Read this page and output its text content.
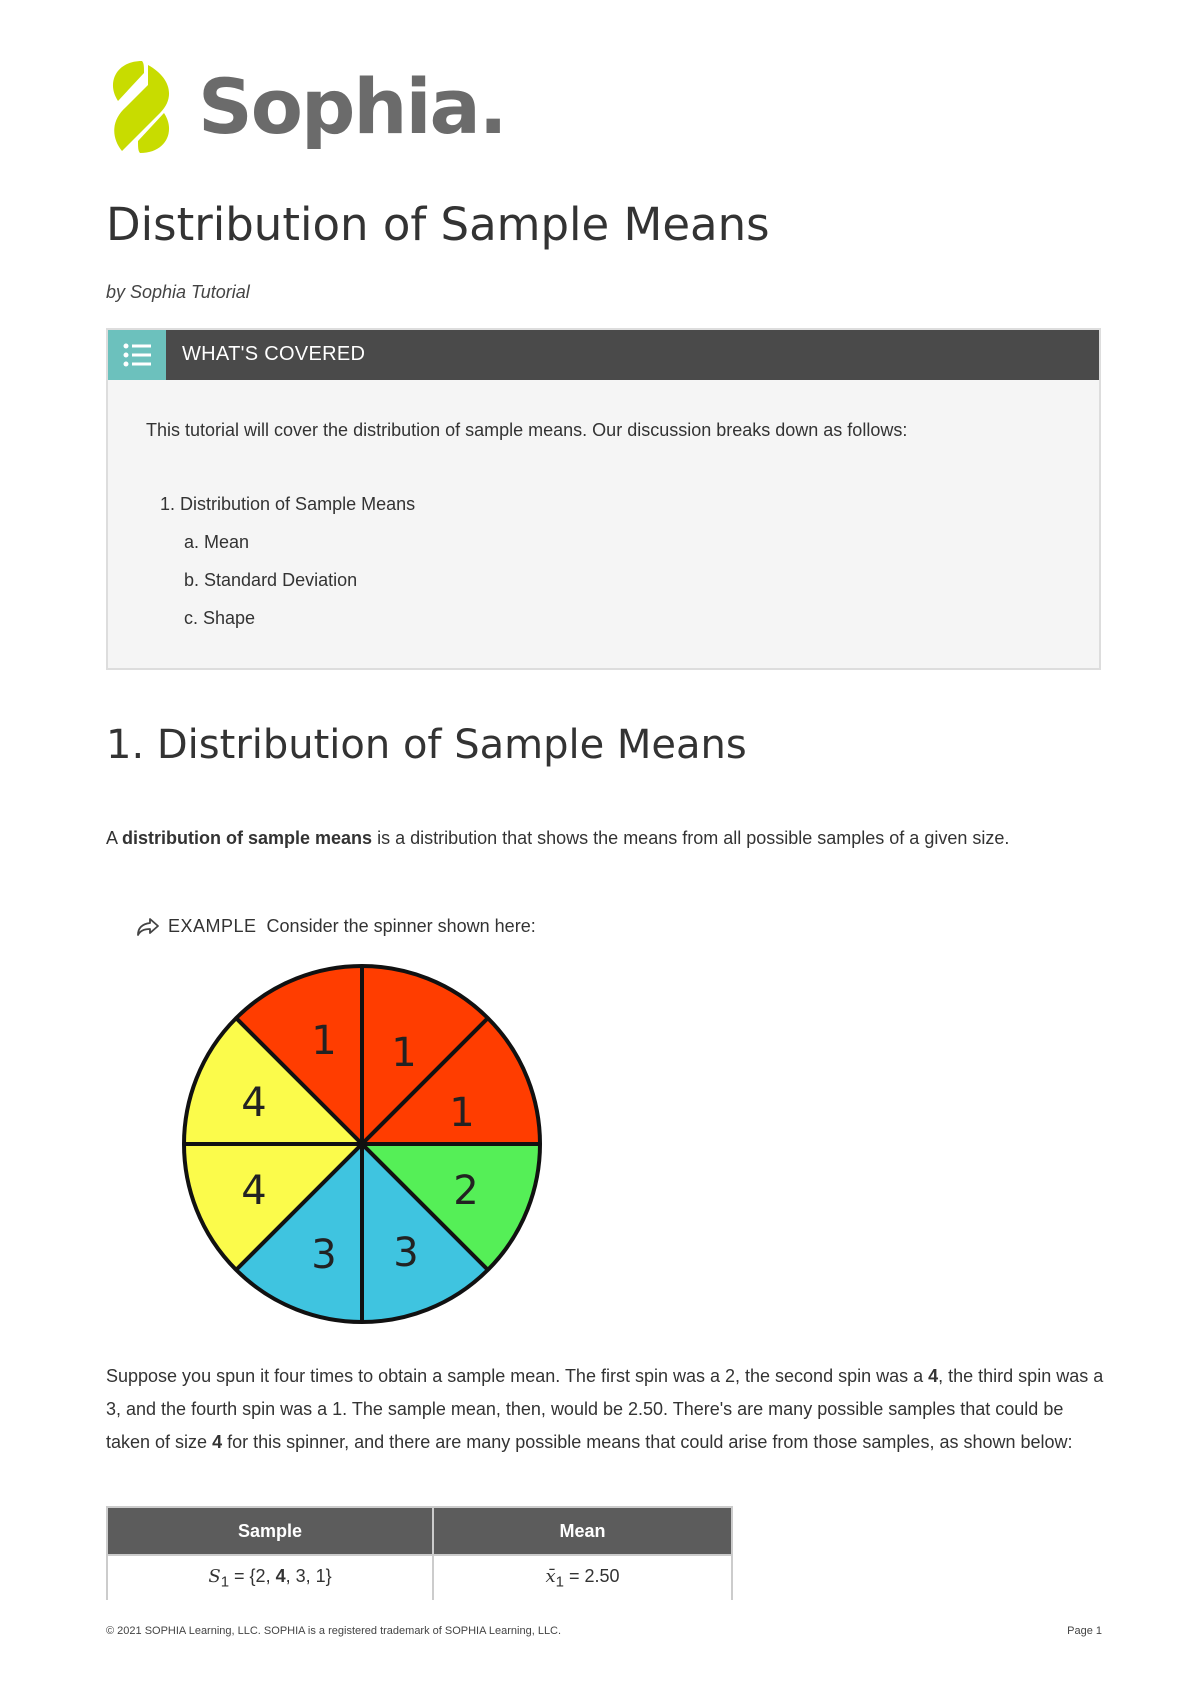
Sophia.
Distribution of Sample Means
by Sophia Tutorial
WHAT'S COVERED
This tutorial will cover the distribution of sample means. Our discussion breaks down as follows:
1. Distribution of Sample Means
a. Mean
b. Standard Deviation
c. Shape
1. Distribution of Sample Means

A distribution of sample means is a distribution that shows the means from all possible samples of a given size.

EXAMPLE Consider the spinner shown here:
1 1
1
2
3
3
4
4

Suppose you spun it four times to obtain a sample mean. The first spin was a 2, the second spin was a 4, the third spin was a 3, and the fourth spin was a 1. The sample mean, then, would be 2.50. There's are many possible samples that could be taken of size 4 for this spinner, and there are many possible means that could arise from those samples, as shown below:

Sample	Mean
$S_1 = \{2$, 4, 3, 1}	$x̄_1 = 2.50$
© 2021 SOPHIA Learning, LLC. SOPHIA is a registered trademark of SOPHIA Learning, LLC.	Page 1
